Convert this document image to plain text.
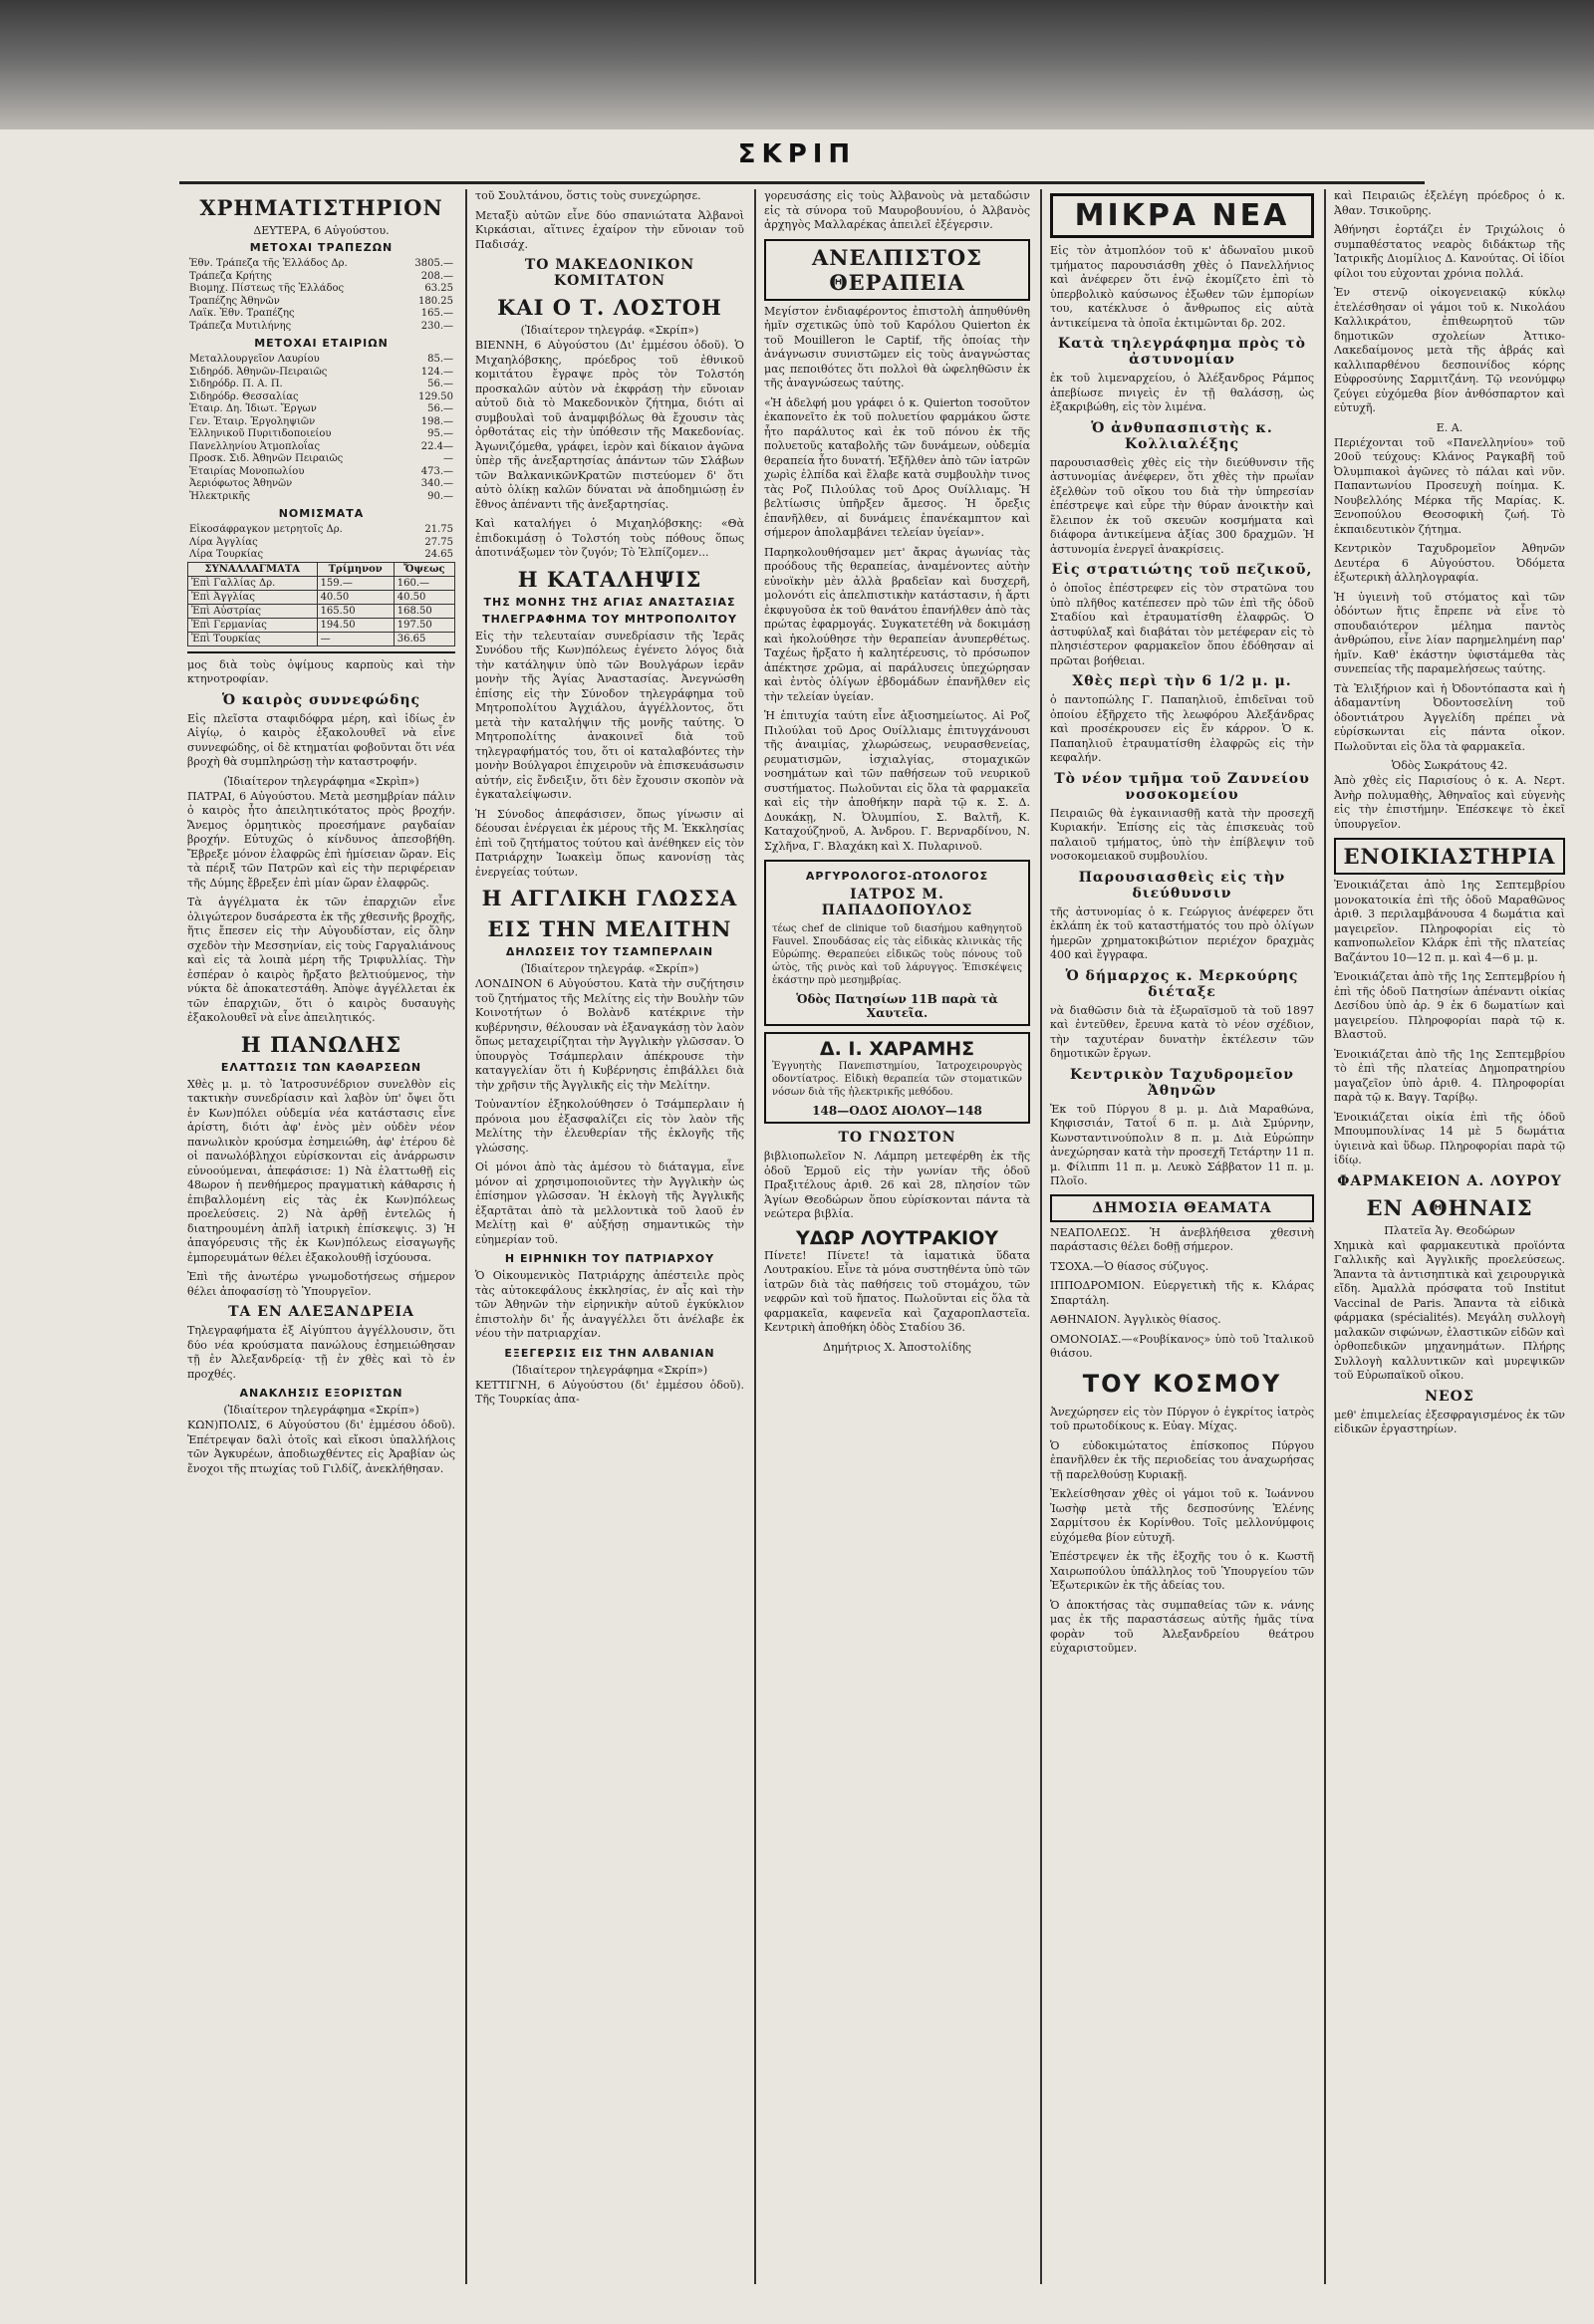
ΣΚΡΙΠ
ΧΡΗΜΑΤΙΣΤΗΡΙΟΝ
ΔΕΥΤΕΡΑ, 6 Αὐγούστου.
ΜΕΤΟΧΑΙ ΤΡΑΠΕΖΩΝ
Ἐθν. Τράπεζα τῆς Ἑλλάδος Δρ.	3805.—
Τράπεζα Κρήτης	208.—
Βιομηχ. Πίστεως τῆς Ἑλλάδος	63.25
Τραπέζης Ἀθηνῶν	180.25
Λαϊκ. Ἐθν. Τραπέζης	165.—
Τράπεζα Μυτιλήνης	230.—
ΜΕΤΟΧΑΙ ΕΤΑΙΡΙΩΝ
Μεταλλουργεῖον Λαυρίου	85.—
Σιδηρόδ. Ἀθηνῶν-Πειραιῶς	124.—
Σιδηρόδρ. Π. Α. Π.	56.—
Σιδηρόδρ. Θεσσαλίας	129.50
Ἑταιρ. Δη. Ἰδιωτ. Ἔργων	56.—
Γεν. Ἑταιρ. Ἐργοληψιῶν	198.—
Ἑλληνικοῦ Πυριτιδοποιείου	95.—
Πανελληνίου Ἀτμοπλοΐας	22.4—
Προσκ. Σιδ. Ἀθηνῶν Πειραιῶς	—
Ἑταιρίας Μονοπωλίου	473.—
Ἀεριόφωτος Ἀθηνῶν	340.—
Ἠλεκτρικῆς	90.—
ΝΟΜΙΣΜΑΤΑ
Εἰκοσάφραγκον μετρητοῖς Δρ.	21.75
Λίρα Ἀγγλίας	27.75
Λίρα Τουρκίας	24.65
ΣΥΝΑΛΛΑΓΜΑΤΑ	Τρίμηνον	Ὄψεως
Ἐπὶ Γαλλίας Δρ.	159.—	160.—
Ἐπὶ Ἀγγλίας	40.50	40.50
Ἐπὶ Αὐστρίας	165.50	168.50
Ἐπὶ Γερμανίας	194.50	197.50
Ἐπὶ Τουρκίας	—	36.65

μος διὰ τοὺς ὀψίμους καρποὺς καὶ τὴν κτηνοτροφίαν.

Ὁ καιρὸς συννεφώδης

Εἰς πλεῖστα σταφιδόφρα μέρη, καὶ ἰδίως ἐν Αἰγίῳ, ὁ καιρὸς ἐξακολουθεῖ νὰ εἶνε συννεφώδης, οἱ δὲ κτηματίαι φοβοῦνται ὅτι νέα βροχὴ θὰ συμπληρώσῃ τὴν καταστροφήν.

(Ἰδιαίτερον τηλεγράφημα «Σκρὶπ»)

ΠΑΤΡΑΙ, 6 Αὐγούστου. Μετὰ μεσημβρίαν πάλιν ὁ καιρὸς ἦτο ἀπειλητικότατος πρὸς βροχήν. Ἄνεμος ὁρμητικὸς προεσήμανε ραγδαίαν βροχήν. Εὐτυχῶς ὁ κίνδυνος ἀπεσοβήθη. Ἔβρεξε μόνον ἐλαφρῶς ἐπὶ ἡμίσειαν ὥραν. Εἰς τὰ πέριξ τῶν Πατρῶν καὶ εἰς τὴν περιφέρειαν τῆς Δύμης ἔβρεξεν ἐπὶ μίαν ὥραν ἐλαφρῶς.

Τὰ ἀγγέλματα ἐκ τῶν ἐπαρχιῶν εἶνε ὀλιγώτερον δυσάρεστα ἐκ τῆς χθεσινῆς βροχῆς, ἥτις ἔπεσεν εἰς τὴν Αὐγουδίσταν, εἰς ὅλην σχεδὸν τὴν Μεσσηνίαν, εἰς τοὺς Γαργαλιάνους καὶ εἰς τὰ λοιπὰ μέρη τῆς Τριφυλλίας. Τὴν ἑσπέραν ὁ καιρὸς ἤρξατο βελτιούμενος, τὴν νύκτα δὲ ἀποκατεστάθη. Ἀπὸψε ἀγγέλλεται ἐκ τῶν ἐπαρχιῶν, ὅτι ὁ καιρὸς δυσαυγὴς ἐξακολουθεῖ νὰ εἶνε ἀπειλητικός.

Η ΠΑΝΩΛΗΣ
ΕΛΑΤΤΩΣΙΣ ΤΩΝ ΚΑΘΑΡΣΕΩΝ

Χθὲς μ. μ. τὸ Ἰατροσυνέδριον συνελθὸν εἰς τακτικὴν συνεδρίασιν καὶ λαβὸν ὑπ' ὄψει ὅτι ἐν Κων)πόλει οὐδεμία νέα κατάστασις εἶνε ἀρίστη, διότι ἀφ' ἑνὸς μὲν οὐδὲν νέον πανωλικὸν κρούσμα ἐσημειώθη, ἀφ' ἑτέρου δὲ οἱ πανωλόβληχοι εὑρίσκονται εἰς ἀνάρρωσιν εὐνοούμεναι, ἀπεφάσισε: 1) Νὰ ἐλαττωθῇ εἰς 48ωρον ἡ πενθήμερος πραγματικὴ κάθαρσις ἡ ἐπιβαλλομένη εἰς τὰς ἐκ Κων)πόλεως προελεύσεις. 2) Νὰ ἀρθῇ ἐντελῶς ἡ διατηρουμένη ἀπλῆ ἰατρικὴ ἐπίσκεψις. 3) Ἡ ἀπαγόρευσις τῆς ἐκ Κων)πόλεως εἰσαγωγῆς ἐμπορευμάτων θέλει ἐξακολουθῇ ἰσχύουσα.

Ἐπὶ τῆς ἀνωτέρω γνωμοδοτήσεως σήμερον θέλει ἀποφασίσῃ τὸ Ὑπουργεῖον.

ΤΑ ΕΝ ΑΛΕΞΑΝΔΡΕΙΑ

Τηλεγραφήματα ἐξ Αἰγύπτου ἀγγέλλουσιν, ὅτι δύο νέα κρούσματα πανώλους ἐσημειώθησαν τῇ ἐν Ἀλεξανδρείᾳ· τῇ ἐν χθὲς καὶ τὸ ἐν προχθές.

ΑΝΑΚΛΗΣΙΣ ΕΞΟΡΙΣΤΩΝ
(Ἰδιαίτερον τηλεγράφημα «Σκρίπ»)

ΚΩΝ)ΠΟΛΙΣ, 6 Αὐγούστου (δι' ἐμμέσου ὁδοῦ). Ἐπέτρεψαν δαλὶ ὁτοῖς καὶ εἴκοσι ὑπαλλήλοις τῶν Ἀγκυρέων, ἀποδιωχθέντες εἰς Ἀραβίαν ὡς ἔνοχοι τῆς πτωχίας τοῦ Γιλδίζ, ἀνεκλήθησαν.

τοῦ Σουλτάνου, ὅστις τοὺς συνεχώρησε.

Μεταξὺ αὐτῶν εἶνε δύο σπανιώτατα Ἀλβανοὶ Κιρκάσιαι, αἵτινες ἐχαίρον τὴν εὔνοιαν τοῦ Παδισάχ.

ΤΟ ΜΑΚΕΔΟΝΙΚΟΝ ΚΟΜΙΤΑΤΟΝ
ΚΑΙ Ο Τ. ΛΟΣΤΟΗ
(Ἰδιαίτερον τηλεγράφ. «Σκρίπ»)

ΒΙΕΝΝΗ, 6 Αὐγούστου (Δι' ἐμμέσου ὁδοῦ). Ὁ Μιχαηλόβσκης, πρόεδρος τοῦ ἐθνικοῦ κομιτάτου ἔγραψε πρὸς τὸν Τολστόη προσκαλῶν αὐτὸν νὰ ἐκφράσῃ τὴν εὔνοιαν αὐτοῦ διὰ τὸ Μακεδονικὸν ζήτημα, διότι αἱ συμβουλαὶ τοῦ ἀναμφιβόλως θὰ ἔχουσιν τὰς ὀρθοτάτας εἰς τὴν ὑπόθεσιν τῆς Μακεδονίας. Ἀγωνιζόμεθα, γράφει, ἱερὸν καὶ δίκαιον ἀγῶνα ὑπὲρ τῆς ἀνεξαρτησίας ἁπάντων τῶν Σλάβων τῶν ΒαλκανικῶνΚρατῶν πιστεύομεν δ' ὅτι αὐτὸ ὀλίκῃ καλῶν δύναται νὰ ἀποδημιώσῃ ἐν ἔθνος ἀπέναντι τῆς ἀνεξαρτησίας.

Καὶ καταλήγει ὁ Μιχαηλόβσκης: «Θὰ ἐπιδοκιμάσῃ ὁ Τολστόη τοὺς πόθους ὅπως ἀποτινάξωμεν τὸν ζυγόν; Τὸ Ἐλπίζομεν...

Η ΚΑΤΑΛΗΨΙΣ
ΤΗΣ ΜΟΝΗΣ ΤΗΣ ΑΓΙΑΣ ΑΝΑΣΤΑΣΙΑΣ
ΤΗΛΕΓΡΑΦΗΜΑ ΤΟΥ ΜΗΤΡΟΠΟΛΙΤΟΥ

Εἰς τὴν τελευταίαν συνεδρίασιν τῆς Ἱερᾶς Συνόδου τῆς Κων)πόλεως ἐγένετο λόγος διὰ τὴν κατάληψιν ὑπὸ τῶν Βουλγάρων ἱερᾶν μονὴν τῆς Ἁγίας Ἀναστασίας. Ἀνεγνώσθη ἐπίσης εἰς τὴν Σύνοδον τηλεγράφημα τοῦ Μητροπολίτου Ἀγχιάλου, ἀγγέλλοντος, ὅτι μετὰ τὴν καταλήψιν τῆς μονῆς ταύτης. Ὁ Μητροπολίτης ἀνακοινεῖ διὰ τοῦ τηλεγραφήματός του, ὅτι οἱ καταλαβόντες τὴν μονὴν Βούλγαροι ἐπιχειροῦν νὰ ἐπισκευάσωσιν αὐτήν, εἰς ἔνδειξιν, ὅτι δὲν ἔχουσιν σκοπὸν νὰ ἐγκαταλείψωσιν.

Ἡ Σύνοδος ἀπεφάσισεν, ὅπως γίνωσιν αἱ δέουσαι ἐνέργειαι ἐκ μέρους τῆς Μ. Ἐκκλησίας ἐπὶ τοῦ ζητήματος τούτου καὶ ἀνέθηκεν εἰς τὸν Πατριάρχην Ἰωακεὶμ ὅπως κανονίσῃ τὰς ἐνεργείας τούτων.

Η ΑΓΓΛΙΚΗ ΓΛΩΣΣΑ
ΕΙΣ ΤΗΝ ΜΕΛΙΤΗΝ
ΔΗΛΩΣΕΙΣ ΤΟΥ ΤΣΑΜΠΕΡΛΑΙΝ
(Ἰδιαίτερον τηλεγράφ. «Σκρίπ»)

ΛΟΝΔΙΝΟΝ 6 Αὐγούστου. Κατὰ τὴν συζήτησιν τοῦ ζητήματος τῆς Μελίτης εἰς τὴν Βουλὴν τῶν Κοινοτήτων ὁ Βολὰνδ κατέκρινε τὴν κυβέρνησιν, θέλουσαν νὰ ἐξαναγκάσῃ τὸν λαὸν ὅπως μεταχειρίζηται τὴν Ἀγγλικὴν γλῶσσαν. Ὁ ὑπουργὸς Τσάμπερλαιν ἀπέκρουσε τὴν καταγγελίαν ὅτι ἡ Κυβέρνησις ἐπιβάλλει διὰ τὴν χρῆσιν τῆς Ἀγγλικῆς εἰς τὴν Μελίτην.

Τοὐναντίον ἐξηκολούθησεν ὁ Τσάμπερλαιν ἡ πρόνοια μου ἐξασφαλίζει εἰς τὸν λαὸν τῆς Μελίτης τὴν ἐλευθερίαν τῆς ἐκλογῆς τῆς γλώσσης.

Οἱ μόνοι ἀπὸ τὰς ἀμέσου τὸ διάταγμα, εἶνε μόνον αἱ χρησιμοποιοῦντες τὴν Ἀγγλικὴν ὡς ἐπίσημον γλῶσσαν. Ἡ ἐκλογὴ τῆς Ἀγγλικῆς ἐξαρτᾶται ἀπὸ τὰ μελλοντικὰ τοῦ λαοῦ ἐν Μελίτῃ καὶ θ' αὐξήσῃ σημαντικῶς τὴν εὐημερίαν τοῦ.

Η ΕΙΡΗΝΙΚΗ ΤΟΥ ΠΑΤΡΙΑΡΧΟΥ

Ὁ Οἰκουμενικὸς Πατριάρχης ἀπέστειλε πρὸς τὰς αὐτοκεφάλους ἐκκλησίας, ἐν αἷς καὶ τὴν τῶν Ἀθηνῶν τὴν εἰρηνικὴν αὐτοῦ ἐγκύκλιον ἐπιστολὴν δι' ἧς ἀναγγέλλει ὅτι ἀνέλαβε ἐκ νέου τὴν πατριαρχίαν.

ΕΞΕΓΕΡΣΙΣ ΕΙΣ ΤΗΝ ΑΛΒΑΝΙΑΝ
(Ἰδιαίτερον τηλεγράφημα «Σκρίπ»)

ΚΕΤΤΙΓΝΗ, 6 Αὐγούστου (δι' ἐμμέσου ὁδοῦ). Τῆς Τουρκίας ἀπα-

γορευσάσης εἰς τοὺς Ἀλβανοὺς νὰ μεταδώσιν εἰς τὰ σύνορα τοῦ Μαυροβουνίου, ὁ Ἀλβανὸς ἀρχηγὸς Μαλλαρέκας ἀπειλεῖ ἐξέγερσιν.

ΑΝΕΛΠΙΣΤΟΣ ΘΕΡΑΠΕΙΑ

Μεγίστον ἐνδιαφέροντος ἐπιστολὴ ἀπηυθύνθη ἡμῖν σχετικῶς ὑπὸ τοῦ Καρόλου Quierton ἐκ τοῦ Mouilleron le Captif, τῆς ὁποίας τὴν ἀνάγνωσιν συνιστῶμεν εἰς τοὺς ἀναγνώστας μας πεποιθότες ὅτι πολλοὶ θὰ ὠφεληθῶσιν ἐκ τῆς ἀναγνώσεως ταύτης.

«Ἡ ἀδελφή μου γράφει ὁ κ. Quierton τοσοῦτον ἐκαπονεῖτο ἐκ τοῦ πολυετίου φαρμάκου ὥστε ἦτο παράλυτος καὶ ἐκ τοῦ πόνου ἐκ τῆς πολυετοῦς καταβολῆς τῶν δυνάμεων, οὐδεμία θεραπεία ἦτο δυνατή. Ἐξῆλθεν ἀπὸ τῶν ἰατρῶν χωρὶς ἐλπίδα καὶ ἔλαβε κατὰ συμβουλὴν τινος τὰς Ροζ Πιλούλας τοῦ Δρος Ουίλλιαμς. Ἡ βελτίωσις ὑπῆρξεν ἄμεσος. Ἡ ὄρεξις ἐπανῆλθεν, αἱ δυνάμεις ἐπανέκαμπτον καὶ σήμερον ἀπολαμβάνει τελείαν ὑγείαν».

Παρηκολουθήσαμεν μετ' ἄκρας ἀγωνίας τὰς προόδους τῆς θεραπείας, ἀναμένοντες αὐτὴν εὐνοϊκὴν μὲν ἀλλὰ βραδεῖαν καὶ δυσχερῆ, μολονότι εἰς ἀπελπιστικὴν κατάστασιν, ἡ ἄρτι ἐκφυγοῦσα ἐκ τοῦ θανάτου ἐπανήλθεν ἀπὸ τὰς πρώτας ἐφαρμογάς. Συγκατετέθη νὰ δοκιμάσῃ καὶ ἠκολούθησε τὴν θεραπείαν ἀνυπερθέτως. Ταχέως ἤρξατο ἡ καλητέρευσις, τὸ πρόσωπον ἀπέκτησε χρῶμα, αἱ παράλυσεις ὑπεχώρησαν καὶ ἐντὸς ὀλίγων ἑβδομάδων ἐπανῆλθεν εἰς τὴν τελείαν ὑγείαν.

Ἡ ἐπιτυχία ταύτη εἶνε ἀξιοσημείωτος. Αἱ Ροζ Πιλούλαι τοῦ Δρος Ουίλλιαμς ἐπιτυγχάνουσι τῆς ἀναιμίας, χλωρώσεως, νευρασθενείας, ρευματισμῶν, ἰσχιαλγίας, στομαχικῶν νοσημάτων καὶ τῶν παθήσεων τοῦ νευρικοῦ συστήματος. Πωλοῦνται εἰς ὅλα τὰ φαρμακεῖα καὶ εἰς τὴν ἀποθήκην παρὰ τῷ κ. Σ. Δ. Δουκάκῃ, Ν. Ὀλυμπίου, Σ. Βαλτῆ, Κ. Καταχούζηνοῦ, Α. Ἀνδρου. Γ. Βερναρδίνου, Ν. Σχλῆνα, Γ. Βλαχάκη καὶ Χ. Πυλαρινοῦ.

ΑΡΓΥΡΟΛΟΓΟΣ-ΩΤΟΛΟΓΟΣ
ΙΑΤΡΟΣ Μ. ΠΑΠΑΔΟΠΟΥΛΟΣ

τέως chef de clinique τοῦ διασήμου καθηγητοῦ Fauvel. Σπουδάσας εἰς τὰς εἰδικὰς κλινικὰς τῆς Εὐρώπης. Θεραπεύει εἰδικῶς τοὺς πόνους τοῦ ὠτὸς, τῆς ρινὸς καὶ τοῦ λάρυγγος. Ἐπισκέψεις ἑκάστην πρὸ μεσημβρίας.

Ὁδὸς Πατησίων 11Β παρὰ τὰ Χαυτεῖα.
Δ. Ι. ΧΑΡΑΜΗΣ

Ἐγγυητὴς Πανεπιστημίου, Ἰατροχειρουργὸς οδοντίατρος. Εἰδικὴ θεραπεία τῶν στοματικῶν νόσων διὰ τῆς ἠλεκτρικῆς μεθόδου.

148—ΟΔΟΣ ΑΙΟΛΟΥ—148
ΤΟ ΓΝΩΣΤΟΝ

βιβλιοπωλεῖον Ν. Λάμπρη μετεφέρθη ἐκ τῆς ὁδοῦ Ἑρμοῦ εἰς τὴν γωνίαν τῆς ὁδοῦ Πραξιτέλους ἀριθ. 26 καὶ 28, πλησίον τῶν Ἁγίων Θεοδώρων ὅπου εὑρίσκονται πάντα τὰ νεώτερα βιβλία.

ΥΔΩΡ ΛΟΥΤΡΑΚΙΟΥ

Πίνετε! Πίνετε! τὰ ἰαματικὰ ὕδατα Λουτρακίου. Εἶνε τὰ μόνα συστηθέντα ὑπὸ τῶν ἰατρῶν διὰ τὰς παθήσεις τοῦ στομάχου, τῶν νεφρῶν καὶ τοῦ ἥπατος. Πωλοῦνται εἰς ὅλα τὰ φαρμακεῖα, καφενεῖα καὶ ζαχαροπλαστεῖα. Κεντρικὴ ἀποθήκη ὁδὸς Σταδίου 36.

Δημήτριος Χ. Ἀποστολίδης
ΜΙΚΡΑ ΝΕΑ

Εἰς τὸν ἀτμοπλόον τοῦ κ' ἀδωναῖου μικοῦ τμήματος παρουσιάσθη χθὲς ὁ Πανελλήνιος καὶ ἀνέφερεν ὅτι ἐνῷ ἐκομίζετο ἐπὶ τὸ ὑπερβολικὸ καύσωνος ἐξωθεν τῶν ἐμπορίων του, κατέκλυσε ὁ ἄνθρωπος εἰς αὐτὰ ἀντικείμενα τὰ ὁποῖα ἐκτιμῶνται δρ. 202.

Κατὰ τηλεγράφημα πρὸς τὸ ἀστυνομίαν

ἐκ τοῦ λιμεναρχείου, ὁ Ἀλέξανδρος Ράμπος ἀπεβίωσε πνιγεὶς ἐν τῇ θαλάσσῃ, ὡς ἐξακριβώθη, εἰς τὸν λιμένα.

Ὁ ἀνθυπασπιστὴς κ. Κολλιαλέξης

παρουσιασθεὶς χθὲς εἰς τὴν διεύθυνσιν τῆς ἀστυνομίας ἀνέφερεν, ὅτι χθὲς τὴν πρωΐαν ἐξελθὼν τοῦ οἴκου του διὰ τὴν ὑπηρεσίαν ἐπέστρεψε καὶ εὗρε τὴν θύραν ἀνοικτὴν καὶ ἔλειπον ἐκ τοῦ σκευῶν κοσμήματα καὶ διάφορα ἀντικείμενα ἀξίας 300 δραχμῶν. Ἡ ἀστυνομία ἐνεργεῖ ἀνακρίσεις.

Εἰς στρατιώτης τοῦ πεζικοῦ,

ὁ ὁποῖος ἐπέστρεφεν εἰς τὸν στρατῶνα του ὑπὸ πλῆθος κατέπεσεν πρὸ τῶν ἐπὶ τῆς ὁδοῦ Σταδίου καὶ ἐτραυματίσθη ἐλαφρῶς. Ὁ ἀστυφύλαξ καὶ διαβάται τὸν μετέφεραν εἰς τὸ πλησιέστερον φαρμακεῖον ὅπου ἐδόθησαν αἱ πρῶται βοήθειαι.

Χθὲς περὶ τὴν 6 1/2 μ. μ.

ὁ παντοπώλης Γ. Παπαηλιοῦ, ἐπιδεῖναι τοῦ ὀποίου ἐξῆρχετο τῆς λεωφόρου Ἀλεξάνδρας καὶ προσέκρουσεν εἰς ἕν κάρρον. Ὁ κ. Παπαηλιοῦ ἐτραυματίσθη ἐλαφρῶς εἰς τὴν κεφαλήν.

Τὸ νέον τμῆμα τοῦ Ζαννείου νοσοκομείου

Πειραιῶς θὰ ἐγκαινιασθῇ κατὰ τὴν προσεχῆ Κυριακήν. Ἐπίσης εἰς τὰς ἐπισκευὰς τοῦ παλαιοῦ τμήματος, ὑπὸ τὴν ἐπίβλεψιν τοῦ νοσοκομειακοῦ συμβουλίου.

Παρουσιασθεὶς εἰς τὴν διεύθυνσιν

τῆς ἀστυνομίας ὁ κ. Γεώργιος ἀνέφερεν ὅτι ἐκλάπη ἐκ τοῦ καταστήματός του πρὸ ὀλίγων ἡμερῶν χρηματοκιβώτιον περιέχον δραχμὰς 400 καὶ ἔγγραφα.

Ὁ δήμαρχος κ. Μερκούρης διέταξε

νὰ διαθῶσιν διὰ τὰ ἐξωραϊσμοῦ τὰ τοῦ 1897 καὶ ἐντεῦθεν, ἔρευνα κατὰ τὸ νέον σχέδιον, τὴν ταχυτέραν δυνατὴν ἐκτέλεσιν τῶν δημοτικῶν ἔργων.

Κεντρικὸν Ταχυδρομεῖον Ἀθηνῶν

Ἐκ τοῦ Πύργου 8 μ. μ. Διὰ Μαραθώνα, Κηφισσιάν, Τατοΐ 6 π. μ. Διὰ Σμύρνην, Κωνσταντινούπολιν 8 π. μ. Διὰ Εὐρώπην ἀνεχώρησαν κατὰ τὴν προσεχῆ Τετάρτην 11 π. μ. Φίλιππι 11 π. μ. Λευκὸ Σάββατον 11 π. μ. Πλοῖο.

ΔΗΜΟΣΙΑ ΘΕΑΜΑΤΑ

ΝΕΑΠΟΛΕΩΣ. Ἡ ἀνεβλήθεισα χθεσινὴ παράστασις θέλει δοθῇ σήμερον.

ΤΣΟΧΑ.—Ὁ θίασος σύζυγος.

ΙΠΠΟΔΡΟΜΙΟΝ. Εὐεργετικὴ τῆς κ. Κλάρας Σπαρτάλη.

ΑΘΗΝΑΙΟΝ. Ἀγγλικὸς θίασος.

ΟΜΟΝΟΙΑΣ.—«Ρουβίκανος» ὑπὸ τοῦ Ἰταλικοῦ θιάσου.

ΤΟΥ ΚΟΣΜΟΥ

Ἀνεχώρησεν εἰς τὸν Πύργον ὁ ἐγκρίτος ἰατρὸς τοῦ πρωτοδίκους κ. Εὐαγ. Μίχας.

Ὁ εὐδοκιμώτατος ἐπίσκοπος Πύργου ἐπανῆλθεν ἐκ τῆς περιοδείας του ἀναχωρήσας τῇ παρελθούσῃ Κυριακῇ.

Ἐκλείσθησαν χθὲς οἱ γάμοι τοῦ κ. Ἰωάννου Ἰωσὴφ μετὰ τῆς δεσποσύνης Ἑλένης Σαρμίτσου ἐκ Κορίνθου. Τοῖς μελλονύμφοις εὐχόμεθα βίον εὐτυχῆ.

Ἐπέστρεψεν ἐκ τῆς ἐξοχῆς του ὁ κ. Κωστῆ Χαιρωπούλου ὑπάλληλος τοῦ Ὑπουργείου τῶν Ἐξωτερικῶν ἐκ τῆς ἀδείας του.

Ὁ ἀποκτήσας τὰς συμπαθείας τῶν κ. νάνης μας ἐκ τῆς παραστάσεως αὐτῆς ἡμᾶς τίνα φορὰν τοῦ Ἀλεξανδρείου θεάτρου εὐχαριστοῦμεν.

καὶ Πειραιῶς ἐξελέγη πρόεδρος ὁ κ. Ἀθαν. Τσικοῦρης.

Ἀθήνησι ἑορτάζει ἐν Τριχώλοις ὁ συμπαθέστατος νεαρὸς διδάκτωρ τῆς Ἰατρικῆς Διομίλιος Δ. Κανούτας. Οἱ ἰδίοι φίλοι του εὐχονται χρόνια πολλά.

Ἐν στενῷ οἰκογενειακῷ κύκλῳ ἐτελέσθησαν οἱ γάμοι τοῦ κ. Νικολάου Καλλικράτου, ἐπιθεωρητοῦ τῶν δημοτικῶν σχολείων Ἀττικο-Λακεδαίμονος μετὰ τῆς ἀβράς καὶ καλλιπαρθένου δεσποινίδος κόρης Εὐφροσύνης Σαρμιτζάνη. Τῷ νεονύμφῳ ζεύγει εὐχόμεθα βίον ἀνθόσπαρτον καὶ εὐτυχῆ.

Ε. Α.

Περιέχονται τοῦ «Πανελληνίου» τοῦ 20οῦ τεύχους: Κλάνος Ραγκαβῆ τοῦ Ὀλυμπιακοὶ ἀγῶνες τὸ πάλαι καὶ νῦν. Παπαντωνίου Προσευχὴ ποίημα. Κ. Νουβελλόης Μέρκα τῆς Μαρίας. Κ. Ξενοπούλου Θεοσοφικὴ ζωή. Τὸ ἐκπαιδευτικὸν ζήτημα.

Κεντρικὸν Ταχυδρομεῖον Ἀθηνῶν Δευτέρα 6 Αὐγούστου. Ὀδόμετα ἐξωτερικὴ ἀλληλογραφία.

Ἡ ὑγιεινὴ τοῦ στόματος καὶ τῶν ὀδόντων ἥτις ἔπρεπε νὰ εἶνε τὸ σπουδαιότερον μέλημα παντὸς ἀνθρώπου, εἶνε λίαν παρημελημένη παρ' ἡμῖν. Καθ' ἑκάστην ὑφιστάμεθα τὰς συνεπείας τῆς παραμελήσεως ταύτης.

Τὰ Ἐλιξήριον καὶ ἡ Ὀδοντόπαστα καὶ ἡ ἀδαμαντίνη Ὀδοντοσελίνη τοῦ ὀδοντιάτρου Ἀγγελίδη πρέπει νὰ εὑρίσκωνται εἰς πάντα οἶκον. Πωλοῦνται εἰς ὅλα τὰ φαρμακεῖα.

Ὁδὸς Σωκράτους 42.

Ἀπὸ χθὲς εἰς Παρισίους ὁ κ. Α. Νερτ. Ἀνὴρ πολυμαθὴς, Ἀθηναῖος καὶ εὐγενὴς εἰς τὴν ἐπιστήμην. Ἐπέσκεψε τὸ ἐκεῖ ὑπουργεῖον.

ΕΝΟΙΚΙΑΣΤΗΡΙΑ

Ἐνοικιάζεται ἀπὸ 1ης Σεπτεμβρίου μονοκατοικία ἐπὶ τῆς ὁδοῦ Μαραθῶνος ἀριθ. 3 περιλαμβάνουσα 4 δωμάτια καὶ μαγειρεῖον. Πληροφορίαι εἰς τὸ καπνοπωλεῖον Κλάρκ ἐπὶ τῆς πλατείας Βαζάντου 10—12 π. μ. καὶ 4—6 μ. μ.

Ἐνοικιάζεται ἀπὸ τῆς 1ης Σεπτεμβρίου ἡ ἐπὶ τῆς ὁδοῦ Πατησίων ἀπέναντι οἰκίας Δεσίδου ὑπὸ ἀρ. 9 ἐκ 6 δωματίων καὶ μαγειρείου. Πληροφορίαι παρὰ τῷ κ. Βλαστοῦ.

Ἐνοικιάζεται ἀπὸ τῆς 1ης Σεπτεμβρίου τὸ ἐπὶ τῆς πλατείας Δημοπρατηρίου μαγαζεῖον ὑπὸ ἀριθ. 4. Πληροφορίαι παρὰ τῷ κ. Βαγγ. Ταρίβῳ.

Ἐνοικιάζεται οἰκία ἐπὶ τῆς ὁδοῦ Μπουμπουλίνας 14 μὲ 5 δωμάτια ὑγιεινὰ καὶ ὕδωρ. Πληροφορίαι παρὰ τῷ ἰδίῳ.

ΦΑΡΜΑΚΕΙΟΝ Α. ΛΟΥΡΟΥ
ΕΝ ΑΘΗΝΑΙΣ
Πλατεῖα Ἁγ. Θεοδώρων

Χημικὰ καὶ φαρμακευτικὰ προϊόντα Γαλλικῆς καὶ Ἀγγλικῆς προελεύσεως. Ἅπαντα τὰ ἀντισηπτικὰ καὶ χειρουργικὰ εἴδη. Ἀμαλλὰ πρόσφατα τοῦ Institut Vaccinal de Paris. Ἅπαντα τὰ εἰδικὰ φάρμακα (spécialités). Μεγάλη συλλογὴ μαλακῶν σιφώνων, ἐλαστικῶν εἰδῶν καὶ ὀρθοπεδικῶν μηχανημάτων. Πλήρης Συλλογὴ καλλυντικῶν καὶ μυρεψικῶν τοῦ Εὐρωπαϊκοῦ οἴκου.

ΝΕΟΣ

μεθ' ἐπιμελείας ἐξεσφραγισμένος ἐκ τῶν εἰδικῶν ἐργαστηρίων.
